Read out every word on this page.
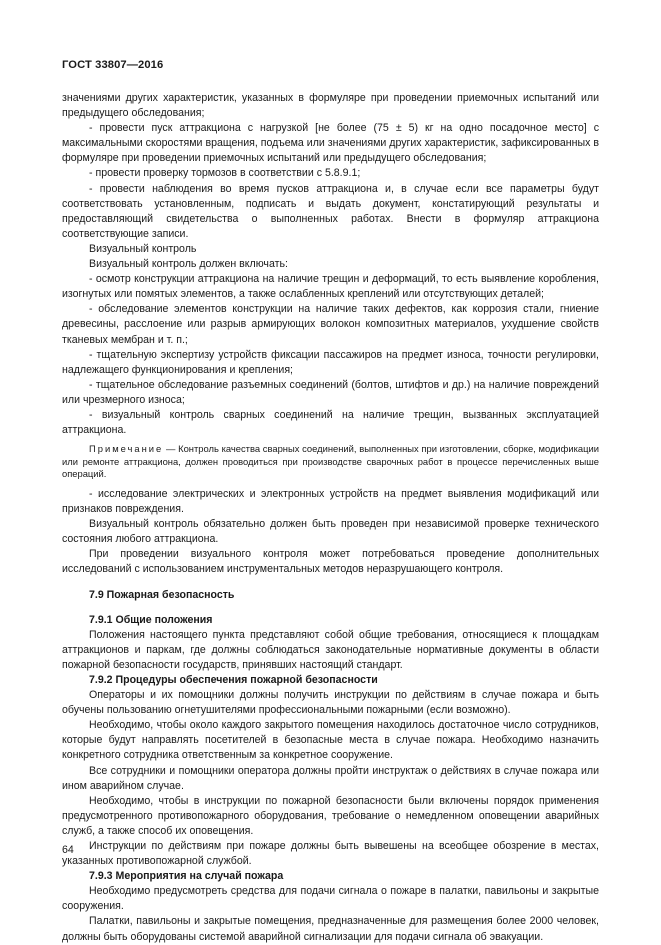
ГОСТ 33807—2016

значениями других характеристик, указанных в формуляре при проведении приемочных испытаний или предыдущего обследования;

- провести пуск аттракциона с нагрузкой [не более (75 ± 5) кг на одно посадочное место] с максимальными скоростями вращения, подъема или значениями других характеристик, зафиксированных в формуляре при проведении приемочных испытаний или предыдущего обследования;

- провести проверку тормозов в соответствии с 5.8.9.1;

- провести наблюдения во время пусков аттракциона и, в случае если все параметры будут соответствовать установленным, подписать и выдать документ, констатирующий результаты и предоставляющий свидетельства о выполненных работах. Внести в формуляр аттракциона соответствующие записи.

Визуальный контроль

Визуальный контроль должен включать:

- осмотр конструкции аттракциона на наличие трещин и деформаций, то есть выявление коробления, изогнутых или помятых элементов, а также ослабленных креплений или отсутствующих деталей;

- обследование элементов конструкции на наличие таких дефектов, как коррозия стали, гниение древесины, расслоение или разрыв армирующих волокон композитных материалов, ухудшение свойств тканевых мембран и т. п.;

- тщательную экспертизу устройств фиксации пассажиров на предмет износа, точности регулировки, надлежащего функционирования и крепления;

- тщательное обследование разъемных соединений (болтов, штифтов и др.) на наличие повреждений или чрезмерного износа;

- визуальный контроль сварных соединений на наличие трещин, вызванных эксплуатацией аттракциона.

Примечание — Контроль качества сварных соединений, выполненных при изготовлении, сборке, модификации или ремонте аттракциона, должен проводиться при производстве сварочных работ в процессе перечисленных выше операций.

- исследование электрических и электронных устройств на предмет выявления модификаций или признаков повреждения.

Визуальный контроль обязательно должен быть проведен при независимой проверке технического состояния любого аттракциона.

При проведении визуального контроля может потребоваться проведение дополнительных исследований с использованием инструментальных методов неразрушающего контроля.

7.9 Пожарная безопасность

7.9.1 Общие положения

Положения настоящего пункта представляют собой общие требования, относящиеся к площадкам аттракционов и паркам, где должны соблюдаться законодательные нормативные документы в области пожарной безопасности государств, принявших настоящий стандарт.

7.9.2 Процедуры обеспечения пожарной безопасности

Операторы и их помощники должны получить инструкции по действиям в случае пожара и быть обучены пользованию огнетушителями профессиональными пожарными (если возможно).

Необходимо, чтобы около каждого закрытого помещения находилось достаточное число сотрудников, которые будут направлять посетителей в безопасные места в случае пожара. Необходимо назначить конкретного сотрудника ответственным за конкретное сооружение.

Все сотрудники и помощники оператора должны пройти инструктаж о действиях в случае пожара или ином аварийном случае.

Необходимо, чтобы в инструкции по пожарной безопасности были включены порядок применения предусмотренного противопожарного оборудования, требование о немедленном оповещении аварийных служб, а также способ их оповещения.

Инструкции по действиям при пожаре должны быть вывешены на всеобщее обозрение в местах, указанных противопожарной службой.

7.9.3 Мероприятия на случай пожара

Необходимо предусмотреть средства для подачи сигнала о пожаре в палатки, павильоны и закрытые сооружения.

Палатки, павильоны и закрытые помещения, предназначенные для размещения более 2000 человек, должны быть оборудованы системой аварийной сигнализации для подачи сигнала об эвакуации.

64
